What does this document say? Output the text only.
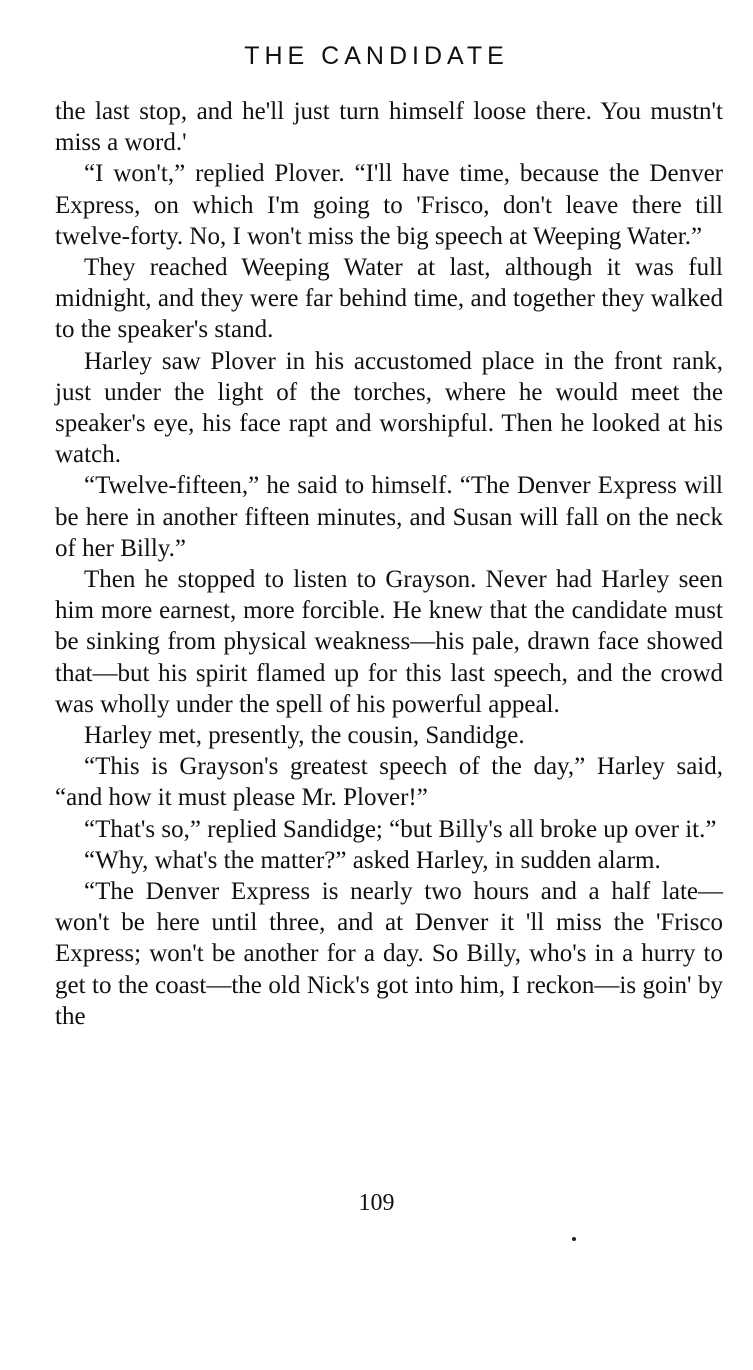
THE CANDIDATE

the last stop, and he'll just turn himself loose there. You mustn't miss a word.'

“I won't,” replied Plover. “I'll have time, because the Denver Express, on which I'm going to 'Frisco, don't leave there till twelve-forty. No, I won't miss the big speech at Weeping Water.”

They reached Weeping Water at last, although it was full midnight, and they were far behind time, and together they walked to the speaker's stand.

Harley saw Plover in his accustomed place in the front rank, just under the light of the torches, where he would meet the speaker's eye, his face rapt and worshipful. Then he looked at his watch.

“Twelve-fifteen,” he said to himself. “The Denver Express will be here in another fifteen minutes, and Susan will fall on the neck of her Billy.”

Then he stopped to listen to Grayson. Never had Harley seen him more earnest, more forcible. He knew that the candidate must be sinking from physical weakness—his pale, drawn face showed that—but his spirit flamed up for this last speech, and the crowd was wholly under the spell of his powerful appeal.

Harley met, presently, the cousin, Sandidge.

“This is Grayson's greatest speech of the day,” Harley said, “and how it must please Mr. Plover!”

“That's so,” replied Sandidge; “but Billy's all broke up over it.”

“Why, what's the matter?” asked Harley, in sudden alarm.

“The Denver Express is nearly two hours and a half late—won't be here until three, and at Denver it 'll miss the 'Frisco Express; won't be another for a day. So Billy, who's in a hurry to get to the coast—the old Nick's got into him, I reckon—is goin' by the

109
